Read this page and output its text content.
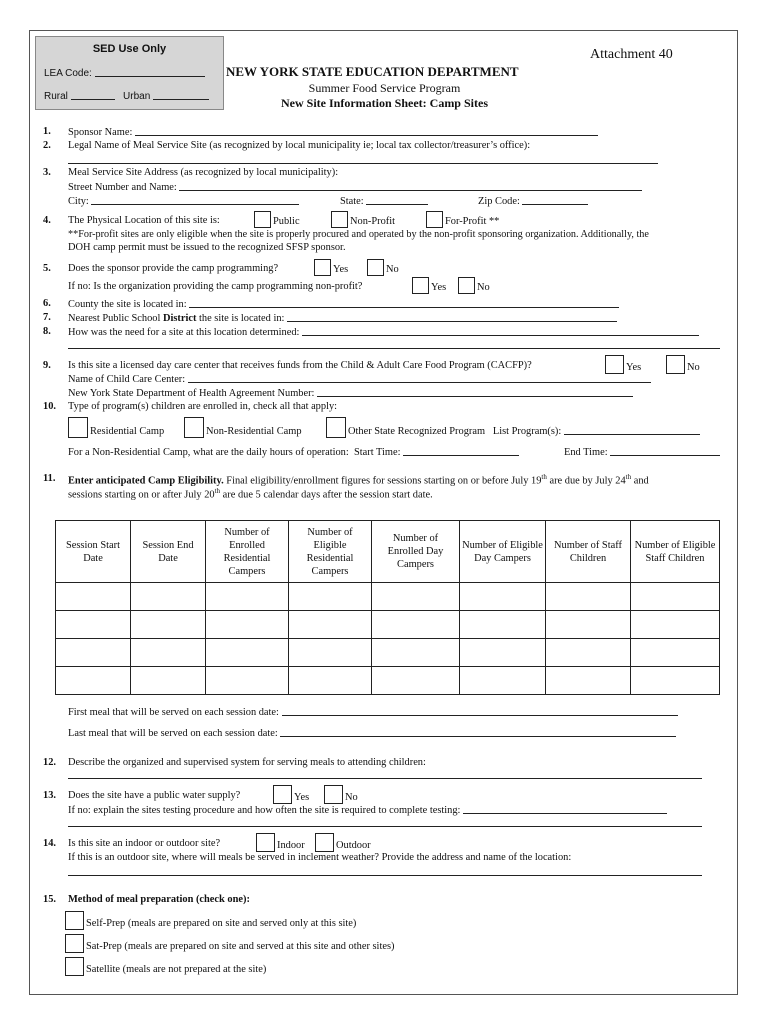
SED Use Only
LEA Code:
Rural	Urban
Attachment 40
NEW YORK STATE EDUCATION DEPARTMENT
Summer Food Service Program
New Site Information Sheet: Camp Sites
1. Sponsor Name:
2. Legal Name of Meal Service Site (as recognized by local municipality ie; local tax collector/treasurer’s office):
3. Meal Service Site Address (as recognized by local municipality):
Street Number and Name:
City:	State:	Zip Code:
4. The Physical Location of this site is:	Public	Non-Profit	For-Profit **
**For-profit sites are only eligible when the site is properly procured and operated by the non-profit sponsoring organization. Additionally, the
DOH camp permit must be issued to the recognized SFSP sponsor.
5. Does the sponsor provide the camp programming?	Yes	No
If no: Is the organization providing the camp programming non-profit?	Yes	No
6. County the site is located in:
7. Nearest Public School District the site is located in:
8. How was the need for a site at this location determined:
9. Is this site a licensed day care center that receives funds from the Child & Adult Care Food Program (CACFP)?	Yes	No
Name of Child Care Center:
New York State Department of Health Agreement Number:
10. Type of program(s) children are enrolled in, check all that apply:
Residential Camp	Non-Residential Camp	Other State Recognized Program List Program(s):
For a Non-Residential Camp, what are the daily hours of operation: Start Time:	End Time:
11. Enter anticipated Camp Eligibility. Final eligibility/enrollment figures for sessions starting on or before July 19th are due by July 24th and
sessions starting on or after July 20th are due 5 calendar days after the session start date.
Session Start Date	Session End Date	Number of Enrolled Residential Campers	Number of Eligible Residential Campers	Number of Enrolled Day Campers	Number of Eligible Day Campers	Number of Staff Children	Number of Eligible Staff Children

First meal that will be served on each session date:
Last meal that will be served on each session date:
12. Describe the organized and supervised system for serving meals to attending children:
13. Does the site have a public water supply?	Yes	No
If no: explain the sites testing procedure and how often the site is required to complete testing:
14. Is this site an indoor or outdoor site?	Indoor	Outdoor
If this is an outdoor site, where will meals be served in inclement weather? Provide the address and name of the location:
15. Method of meal preparation (check one):
Self-Prep (meals are prepared on site and served only at this site)
Sat-Prep (meals are prepared on site and served at this site and other sites)
Satellite (meals are not prepared at the site)
